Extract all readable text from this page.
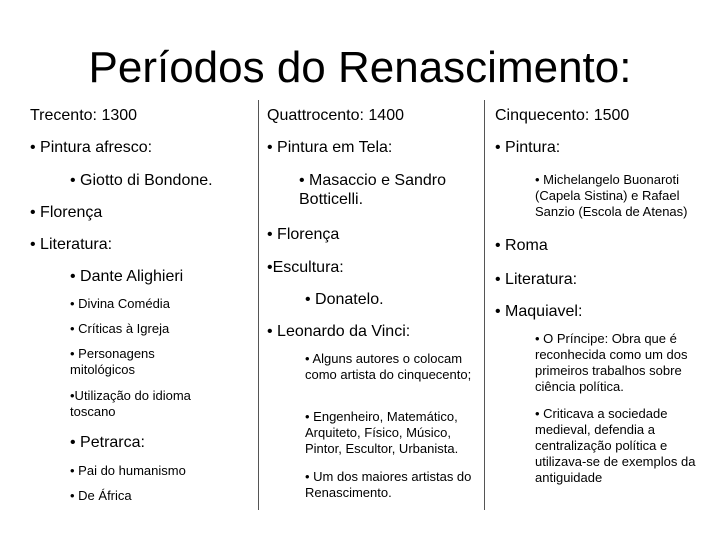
Períodos do Renascimento:
Trecento: 1300
• Pintura afresco:
• Giotto di Bondone.
• Florença
• Literatura:
• Dante Alighieri
• Divina Comédia
• Críticas à Igreja
• Personagens mitológicos
•Utilização do idioma toscano
• Petrarca:
• Pai do humanismo
• De África
Quattrocento: 1400
• Pintura em Tela:
• Masaccio e Sandro Botticelli.
• Florença
•Escultura:
• Donatelo.
• Leonardo da Vinci:
• Alguns autores o colocam como artista do cinquecento;
• Engenheiro, Matemático, Arquiteto, Físico, Músico, Pintor, Escultor, Urbanista.
• Um dos maiores artistas do Renascimento.
Cinquecento: 1500
• Pintura:
• Michelangelo Buonaroti (Capela Sistina) e Rafael Sanzio (Escola de Atenas)
• Roma
• Literatura:
• Maquiavel:
• O Príncipe: Obra que é reconhecida como um dos primeiros trabalhos sobre ciência política.
• Criticava a sociedade medieval, defendia a centralização política e utilizava-se de exemplos da antiguidade
